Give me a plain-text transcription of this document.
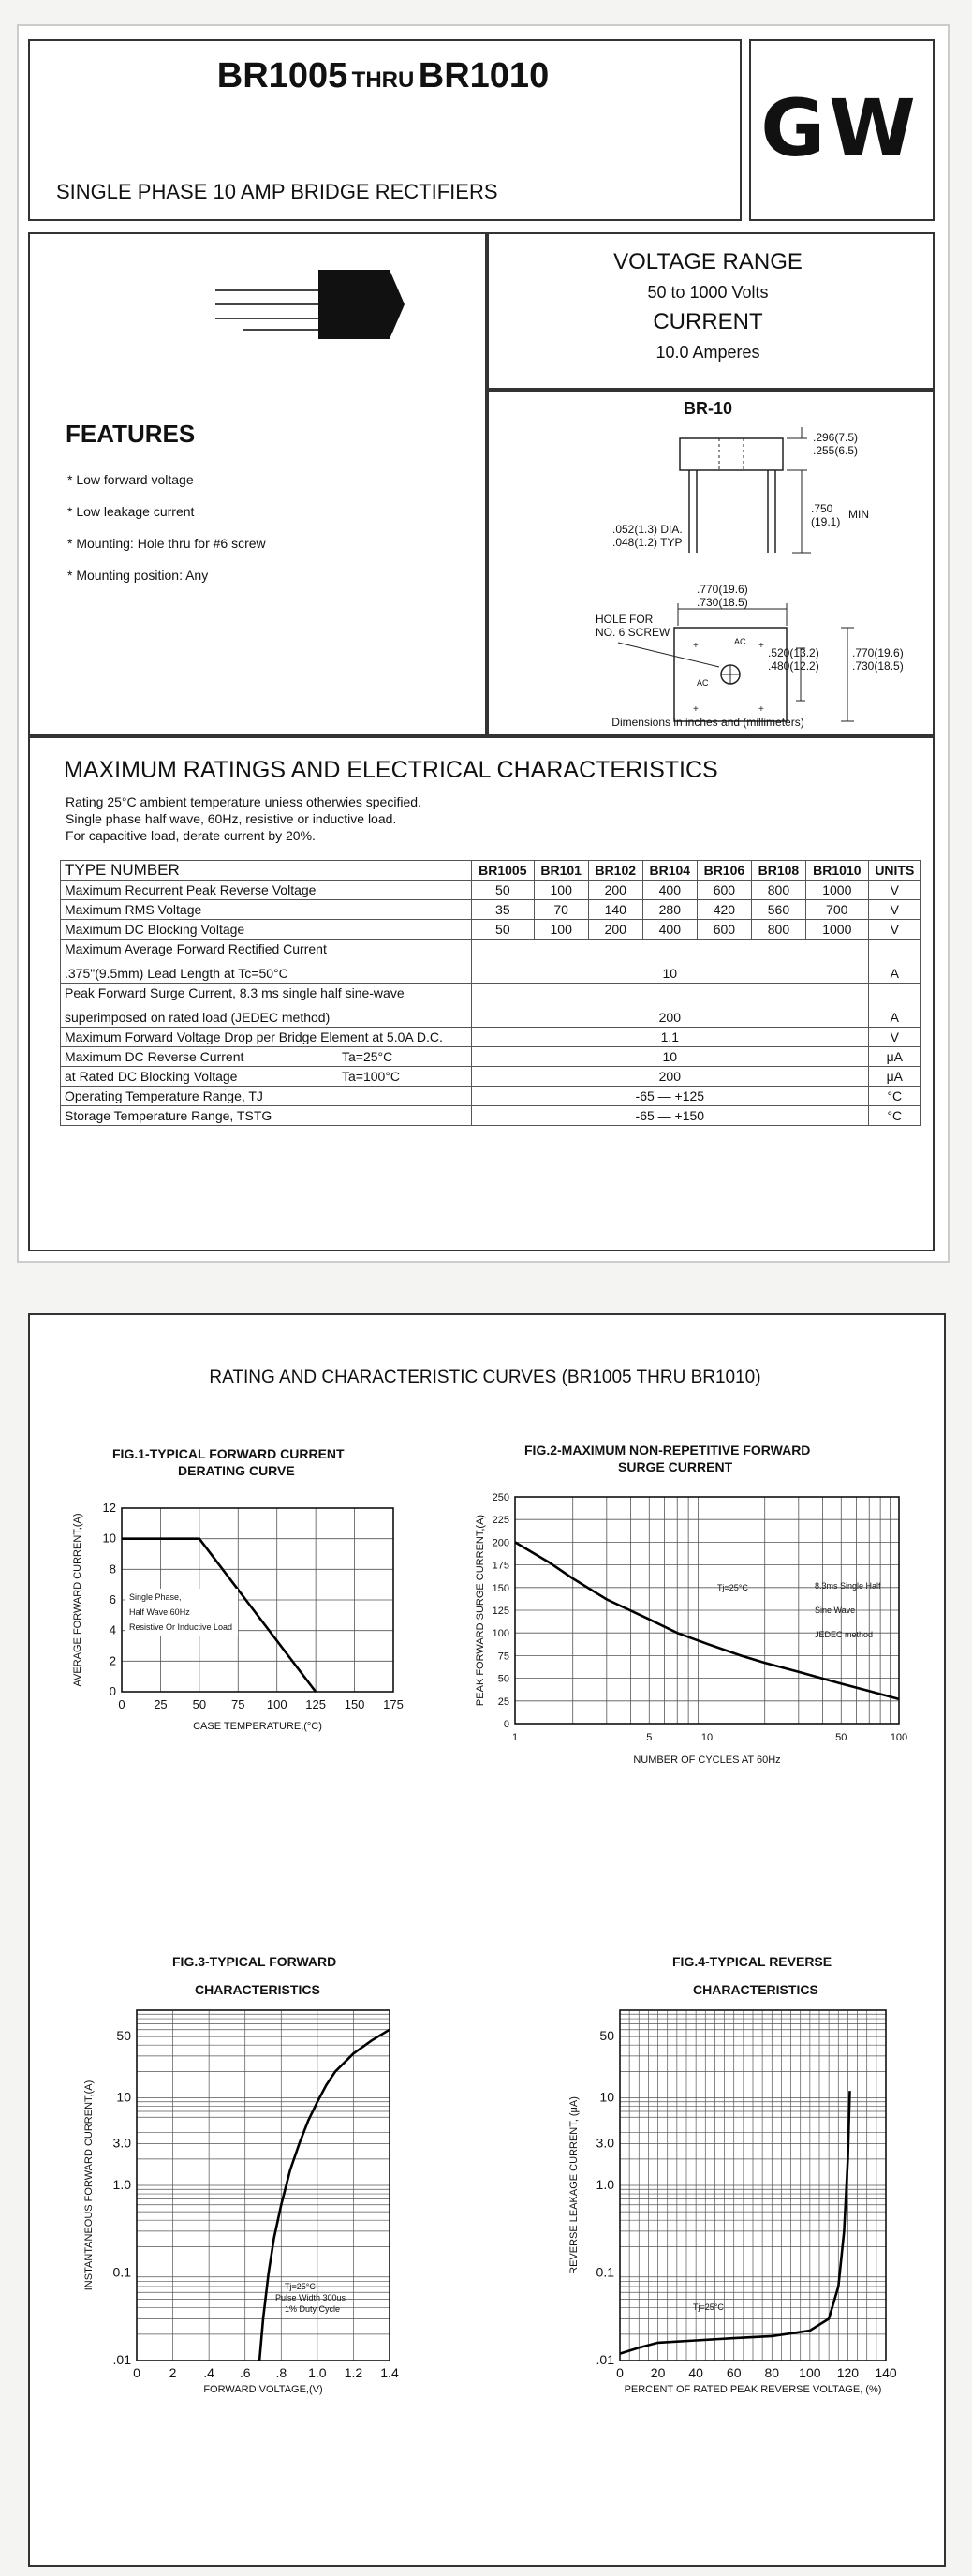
BR1005 THRU BR1010
SINGLE PHASE 10 AMP BRIDGE RECTIFIERS
GW
FEATURES
* Low forward voltage
* Low leakage current
* Mounting: Hole thru for #6 screw
* Mounting position: Any
VOLTAGE RANGE
50 to 1000 Volts
CURRENT
10.0 Amperes
BR-10
+	+
+	+
.296(7.5)
.255(6.5)
.750
(19.1)
MIN
.052(1.3) DIA.
.048(1.2) TYP
.770(19.6)
.730(18.5)
HOLE FOR
NO. 6 SCREW
.520(13.2)
.480(12.2)
.770(19.6)
.730(18.5)
AC
AC
Dimensions in inches and (millimeters)
MAXIMUM RATINGS AND ELECTRICAL CHARACTERISTICS
Rating 25°C ambient temperature uniess otherwies specified.
Single phase half wave, 60Hz, resistive or inductive load.
For capacitive load, derate current by 20%.
TYPE NUMBER	BR1005	BR101	BR102	BR104	BR106	BR108	BR1010	UNITS
Maximum Recurrent Peak Reverse Voltage	50	100	200	400	600	800	1000	V
Maximum RMS Voltage	35	70	140	280	420	560	700	V
Maximum DC Blocking Voltage	50	100	200	400	600	800	1000	V

Maximum Average Forward Rectified Current
.375"(9.5mm) Lead Length at Tc=50°C	10							A

Peak Forward Surge Current, 8.3 ms single half sine-wave
superimposed on rated load (JEDEC method)	200							A
Maximum Forward Voltage Drop per Bridge Element at 5.0A D.C.	1.1							V
Maximum DC Reverse Current Ta=25°C	10							μA
at Rated DC Blocking Voltage Ta=100°C	200							μA
Operating Temperature Range, TJ	-65 — +125							°C
Storage Temperature Range, TSTG	-65 — +150							°C
RATING AND CHARACTERISTIC CURVES (BR1005 THRU BR1010)
FIG.1-TYPICAL FORWARD CURRENT
DERATING CURVE
0 25 50 75 100 125 150 175
0
2
4
6
8
10
12
CASE TEMPERATURE,(°C)
AVERAGE FORWARD CURRENT,(A)	Single Phase,
Half Wave 60Hz
Resistive Or Inductive Load
FIG.2-MAXIMUM NON-REPETITIVE FORWARD
SURGE CURRENT
1	5	10	50	100
0
25
50
75
100
125
150
175
200
225
250
NUMBER OF CYCLES AT 60Hz
PEAK FORWARD SURGE CURRENT,(A)	Tj=25°C	8.3ms Single Half
Sine Wave
JEDEC method
FIG.3-TYPICAL FORWARD
CHARACTERISTICS
0 2 .4 .6 .8 1.0 1.2 1.4
.01
0.1
1.0
3.0
10
50
FORWARD VOLTAGE,(V)
INSTANTANEOUS FORWARD CURRENT,(A)	Tj=25°C
Pulse Width 300us
1% Duty Cycle
FIG.4-TYPICAL REVERSE
CHARACTERISTICS
0 20 40 60 80 100 120 140
.01
0.1
1.0
3.0
10
50
PERCENT OF RATED PEAK REVERSE VOLTAGE, (%)
REVERSE LEAKAGE CURRENT, (μA)
Tj=25°C
